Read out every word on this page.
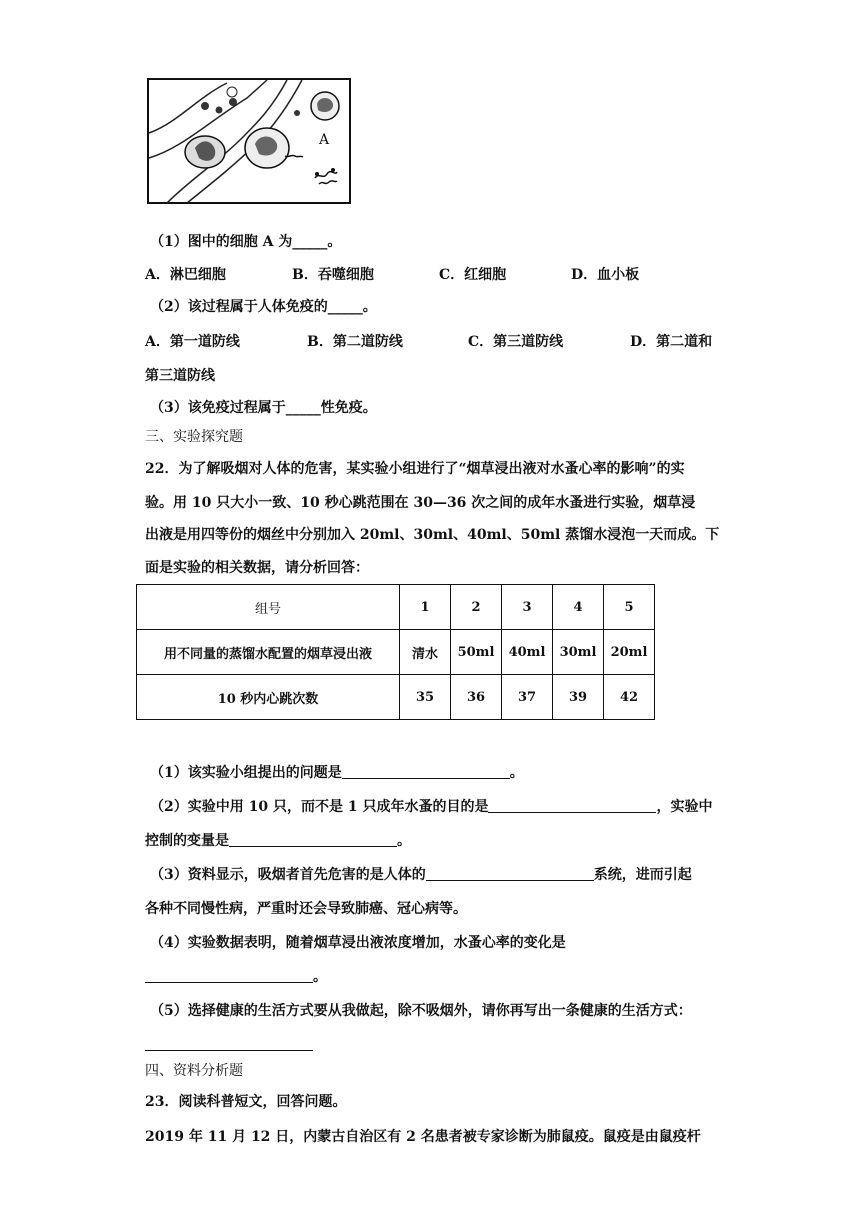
A
（1）图中的细胞 A 为_____。
A．淋巴细胞	B．吞噬细胞	C．红细胞	D．血小板
（2）该过程属于人体免疫的_____。
A．第一道防线	B．第二道防线	C．第三道防线	D．第二道和
第三道防线
（3）该免疫过程属于_____性免疫。
三、实验探究题
22．为了解吸烟对人体的危害，某实验小组进行了“烟草浸出液对水蚤心率的影响”的实
验。用 10 只大小一致、10 秒心跳范围在 30—36 次之间的成年水蚤进行实验，烟草浸
出液是用四等份的烟丝中分别加入 20ml、30ml、40ml、50ml 蒸馏水浸泡一天而成。下
面是实验的相关数据，请分析回答：
组号	1	2	3	4	5
用不同量的蒸馏水配置的烟草浸出液	清水	50ml	40ml	30ml	20ml
10 秒内心跳次数	35	36	37	39	42
（1）该实验小组提出的问题是	。
（2）实验中用 10 只，而不是 1 只成年水蚤的目的是	，实验中
控制的变量是	。
（3）资料显示，吸烟者首先危害的是人体的	系统，进而引起
各种不同慢性病，严重时还会导致肺癌、冠心病等。
（4）实验数据表明，随着烟草浸出液浓度增加，水蚤心率的变化是
。
（5）选择健康的生活方式要从我做起，除不吸烟外，请你再写出一条健康的生活方式：
四、资料分析题
23．阅读科普短文，回答问题。
2019 年 11 月 12 日，内蒙古自治区有 2 名患者被专家诊断为肺鼠疫。鼠疫是由鼠疫杆
